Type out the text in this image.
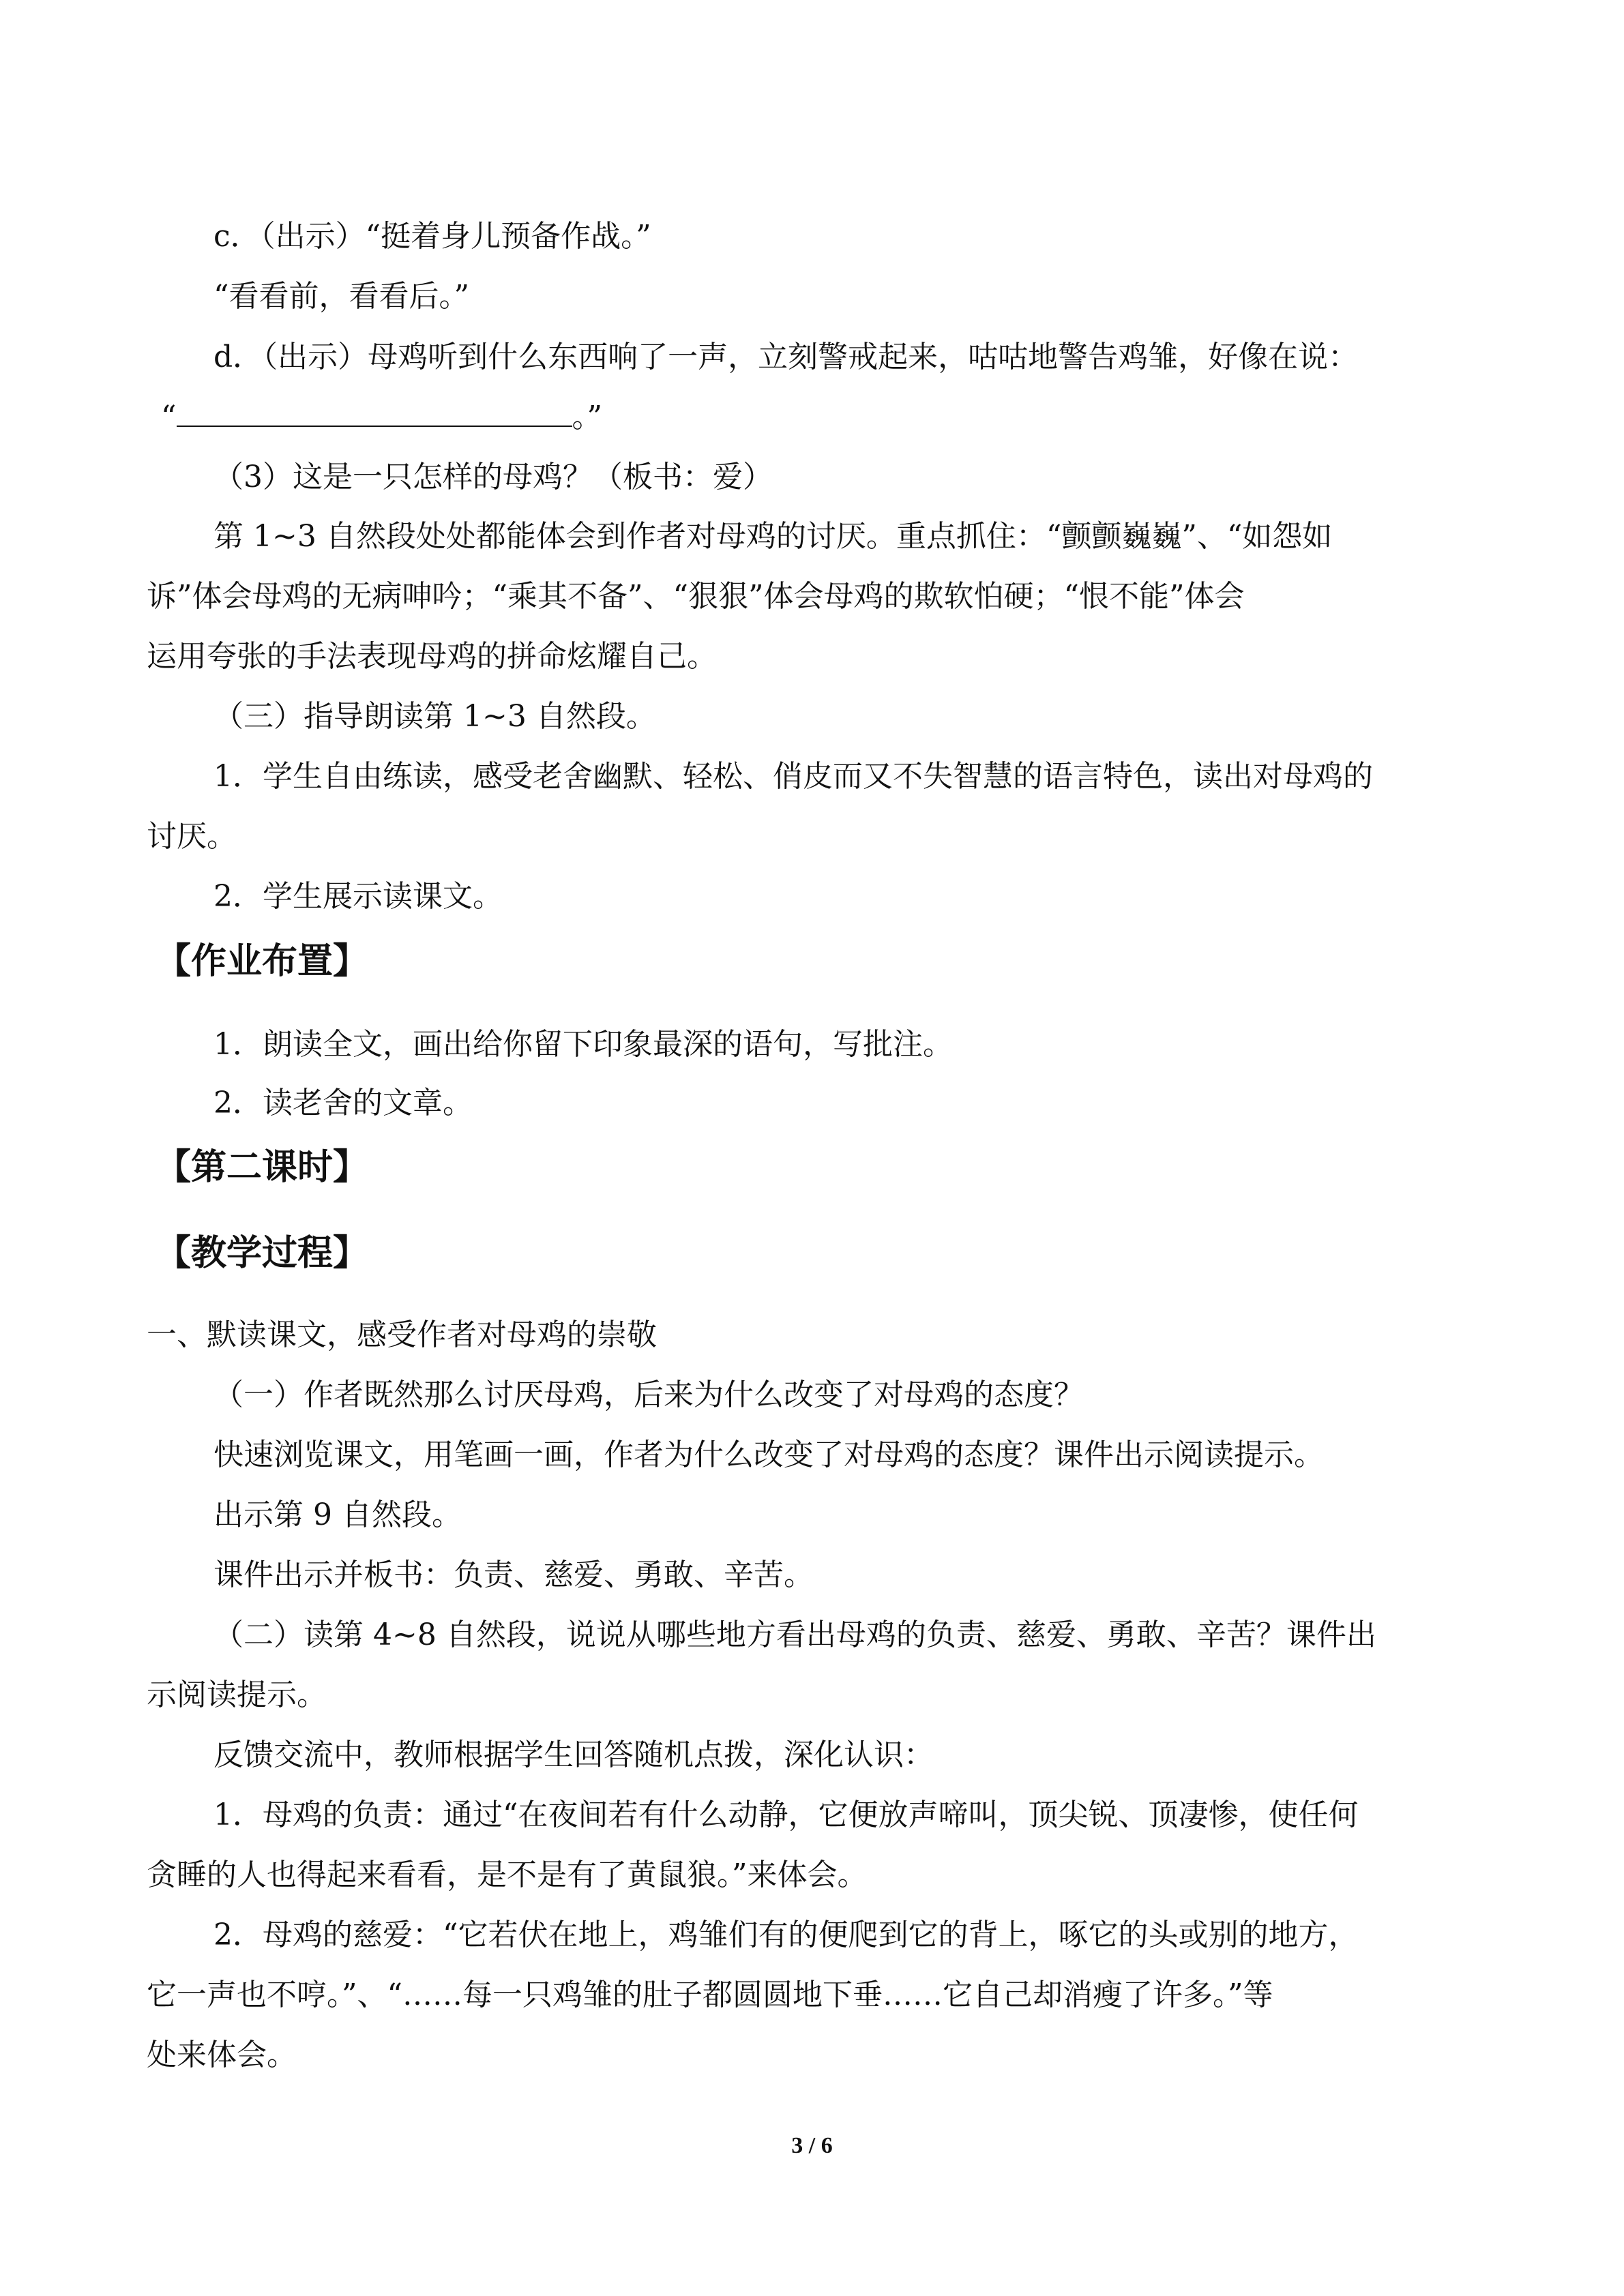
c．（出示）“挺着身儿预备作战。”
“看看前，看看后。”
d．（出示）母鸡听到什么东西响了一声，立刻警戒起来，咕咕地警告鸡雏，好像在说：
“	。”
（3）这是一只怎样的母鸡？（板书：爱）
第 1~3 自然段处处都能体会到作者对母鸡的讨厌。重点抓住：“颤颤巍巍”、“如怨如
诉”体会母鸡的无病呻吟；“乘其不备”、“狠狠”体会母鸡的欺软怕硬；“恨不能”体会
运用夸张的手法表现母鸡的拼命炫耀自己。
（三）指导朗读第 1~3 自然段。
1．学生自由练读，感受老舍幽默、轻松、俏皮而又不失智慧的语言特色，读出对母鸡的
讨厌。
2．学生展示读课文。
【作业布置】
1．朗读全文，画出给你留下印象最深的语句，写批注。
2．读老舍的文章。
【第二课时】
【教学过程】
一、默读课文，感受作者对母鸡的崇敬
（一）作者既然那么讨厌母鸡，后来为什么改变了对母鸡的态度？
快速浏览课文，用笔画一画，作者为什么改变了对母鸡的态度？课件出示阅读提示。
出示第 9 自然段。
课件出示并板书：负责、慈爱、勇敢、辛苦。
（二）读第 4~8 自然段，说说从哪些地方看出母鸡的负责、慈爱、勇敢、辛苦？课件出
示阅读提示。
反馈交流中，教师根据学生回答随机点拨，深化认识：
1．母鸡的负责：通过“在夜间若有什么动静，它便放声啼叫，顶尖锐、顶凄惨，使任何
贪睡的人也得起来看看，是不是有了黄鼠狼。”来体会。
2．母鸡的慈爱：“它若伏在地上，鸡雏们有的便爬到它的背上，啄它的头或别的地方，
它一声也不哼。”、“……每一只鸡雏的肚子都圆圆地下垂……它自己却消瘦了许多。”等
处来体会。
3 / 6
